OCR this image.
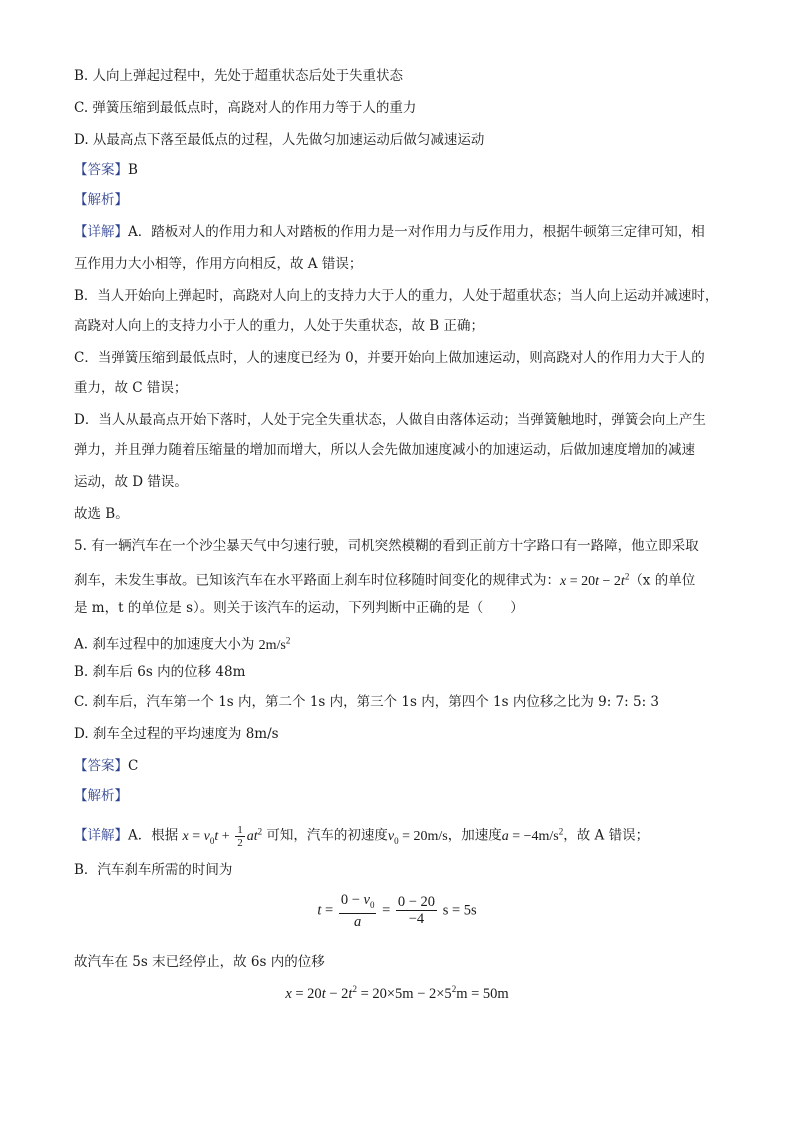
B. 人向上弹起过程中，先处于超重状态后处于失重状态
C. 弹簧压缩到最低点时，高跷对人的作用力等于人的重力
D. 从最高点下落至最低点的过程，人先做匀加速运动后做匀减速运动
【答案】B
【解析】
【详解】A．踏板对人的作用力和人对踏板的作用力是一对作用力与反作用力，根据牛顿第三定律可知，相
互作用力大小相等，作用方向相反，故 A 错误；
B．当人开始向上弹起时，高跷对人向上的支持力大于人的重力，人处于超重状态；当人向上运动并减速时，
高跷对人向上的支持力小于人的重力，人处于失重状态，故 B 正确；
C．当弹簧压缩到最低点时，人的速度已经为 0，并要开始向上做加速运动，则高跷对人的作用力大于人的
重力，故 C 错误；
D．当人从最高点开始下落时，人处于完全失重状态，人做自由落体运动；当弹簧触地时，弹簧会向上产生
弹力，并且弹力随着压缩量的增加而增大，所以人会先做加速度减小的加速运动，后做加速度增加的减速
运动，故 D 错误。
故选 B。
5. 有一辆汽车在一个沙尘暴天气中匀速行驶，司机突然模糊的看到正前方十字路口有一路障，他立即采取
刹车，未发生事故。已知该汽车在水平路面上刹车时位移随时间变化的规律式为：$x = 20t - 2t^2(x$ 的单位
是 m，t 的单位是 s）。则关于该汽车的运动，下列判断中正确的是（　　）
A. 刹车过程中的加速度大小为 $2m/s^2$
B. 刹车后 6s 内的位移 48m
C. 刹车后，汽车第一个 1s 内，第二个 1s 内，第三个 1s 内，第四个 1s 内位移之比为 9: 7: 5: 3
D. 刹车全过程的平均速度为 8m/s
【答案】C
【解析】
【详解】A．根据 $x = v_0t + \frac{1}{2} at^2$ 可知，汽车的初速度$v_0 = 20m/s$，加速度$a = -4m/s^2$，故 A 错误；
B．汽车刹车所需的时间为
$t = \frac{0 - v_0}{a} = \frac{0 - 20}{-4}$ s = 5s
故汽车在 5s 末已经停止，故 6s 内的位移
$x = 20t - 2t^2 = 20\times 5m - 2\times 5^2m = 50m$
